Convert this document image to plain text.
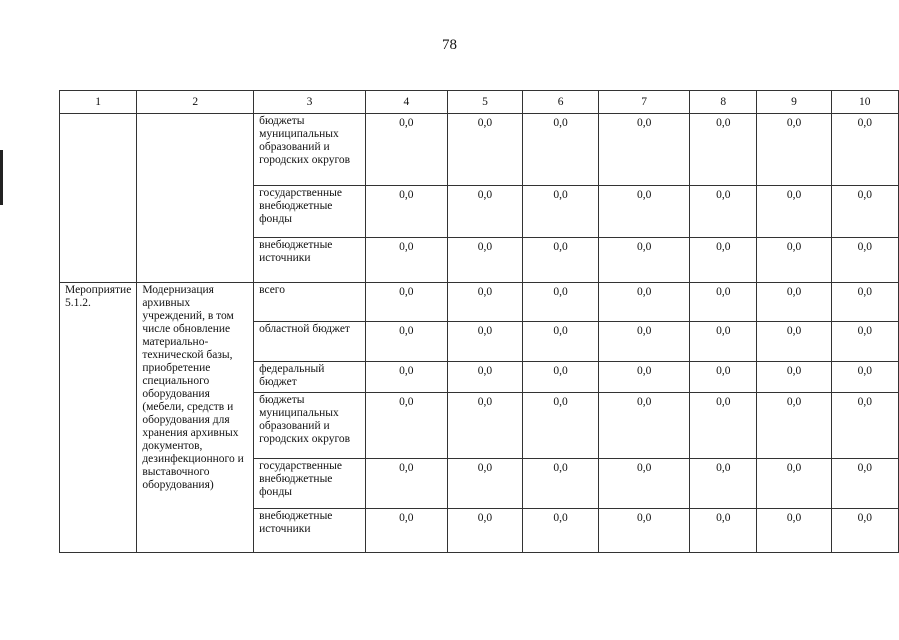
78
1	2	3	4	5	6	7	8	9	10
		бюджеты муниципальных образований и городских округов	0,0	0,0	0,0	0,0	0,0	0,0	0,0
		государственные внебюджетные фонды	0,0	0,0	0,0	0,0	0,0	0,0	0,0
		внебюджетные источники	0,0	0,0	0,0	0,0	0,0	0,0	0,0
Мероприятие 5.1.2.	Модернизация архивных учреждений, в том числе обновление материально-технической базы, приобретение специального оборудования (мебели, средств и оборудования для хранения архивных документов, дезинфекционного и выставочного оборудования)	всего	0,0	0,0	0,0	0,0	0,0	0,0	0,0
		областной бюджет	0,0	0,0	0,0	0,0	0,0	0,0	0,0
		федеральный бюджет	0,0	0,0	0,0	0,0	0,0	0,0	0,0
		бюджеты муниципальных образований и городских округов	0,0	0,0	0,0	0,0	0,0	0,0	0,0
		государственные внебюджетные фонды	0,0	0,0	0,0	0,0	0,0	0,0	0,0
		внебюджетные источники	0,0	0,0	0,0	0,0	0,0	0,0	0,0
